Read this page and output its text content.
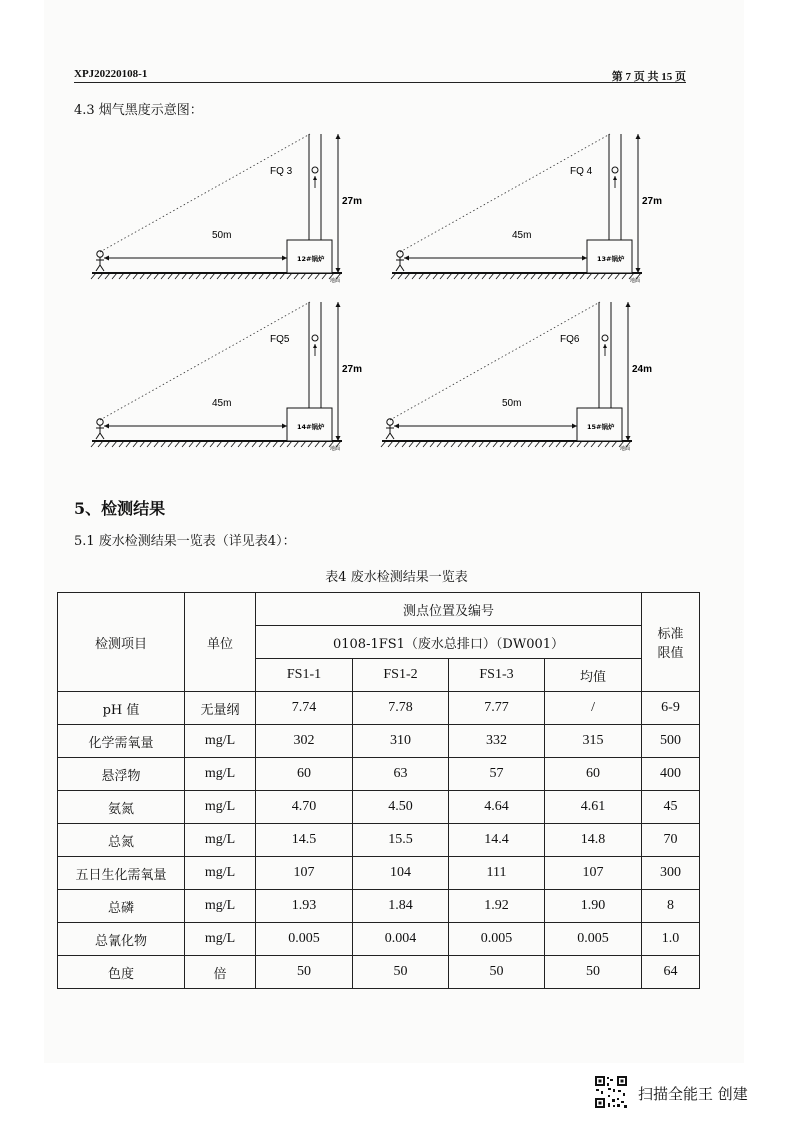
XPJ20220108-1	第 7 页 共 15 页
4.3 烟气黑度示意图：
5、检测结果
5.1 废水检测结果一览表（详见表4）：
表4 废水检测结果一览表
检测项目	单位	测点位置及编号				标准
限值
		0108-1FS1（废水总排口）（DW001）				
		FS1-1	FS1-2	FS1-3	均值	
pH 值	无量纲	7.74	7.78	7.77	/	6-9
化学需氧量	mg/L	302	310	332	315	500
悬浮物	mg/L	60	63	57	60	400
氨氮	mg/L	4.70	4.50	4.64	4.61	45
总氮	mg/L	14.5	15.5	14.4	14.8	70
五日生化需氧量	mg/L	107	104	111	107	300
总磷	mg/L	1.93	1.84	1.92	1.90	8
总氰化物	mg/L	0.005	0.004	0.005	0.005	1.0
色度	倍	50	50	50	50	64
扫描全能王 创建
FQ 3
50m
27m
12#锅炉
地面
FQ 4
45m
27m
13#锅炉
地面
FQ5
45m
27m
14#锅炉
地面
FQ6
50m
24m
15#锅炉
地面
